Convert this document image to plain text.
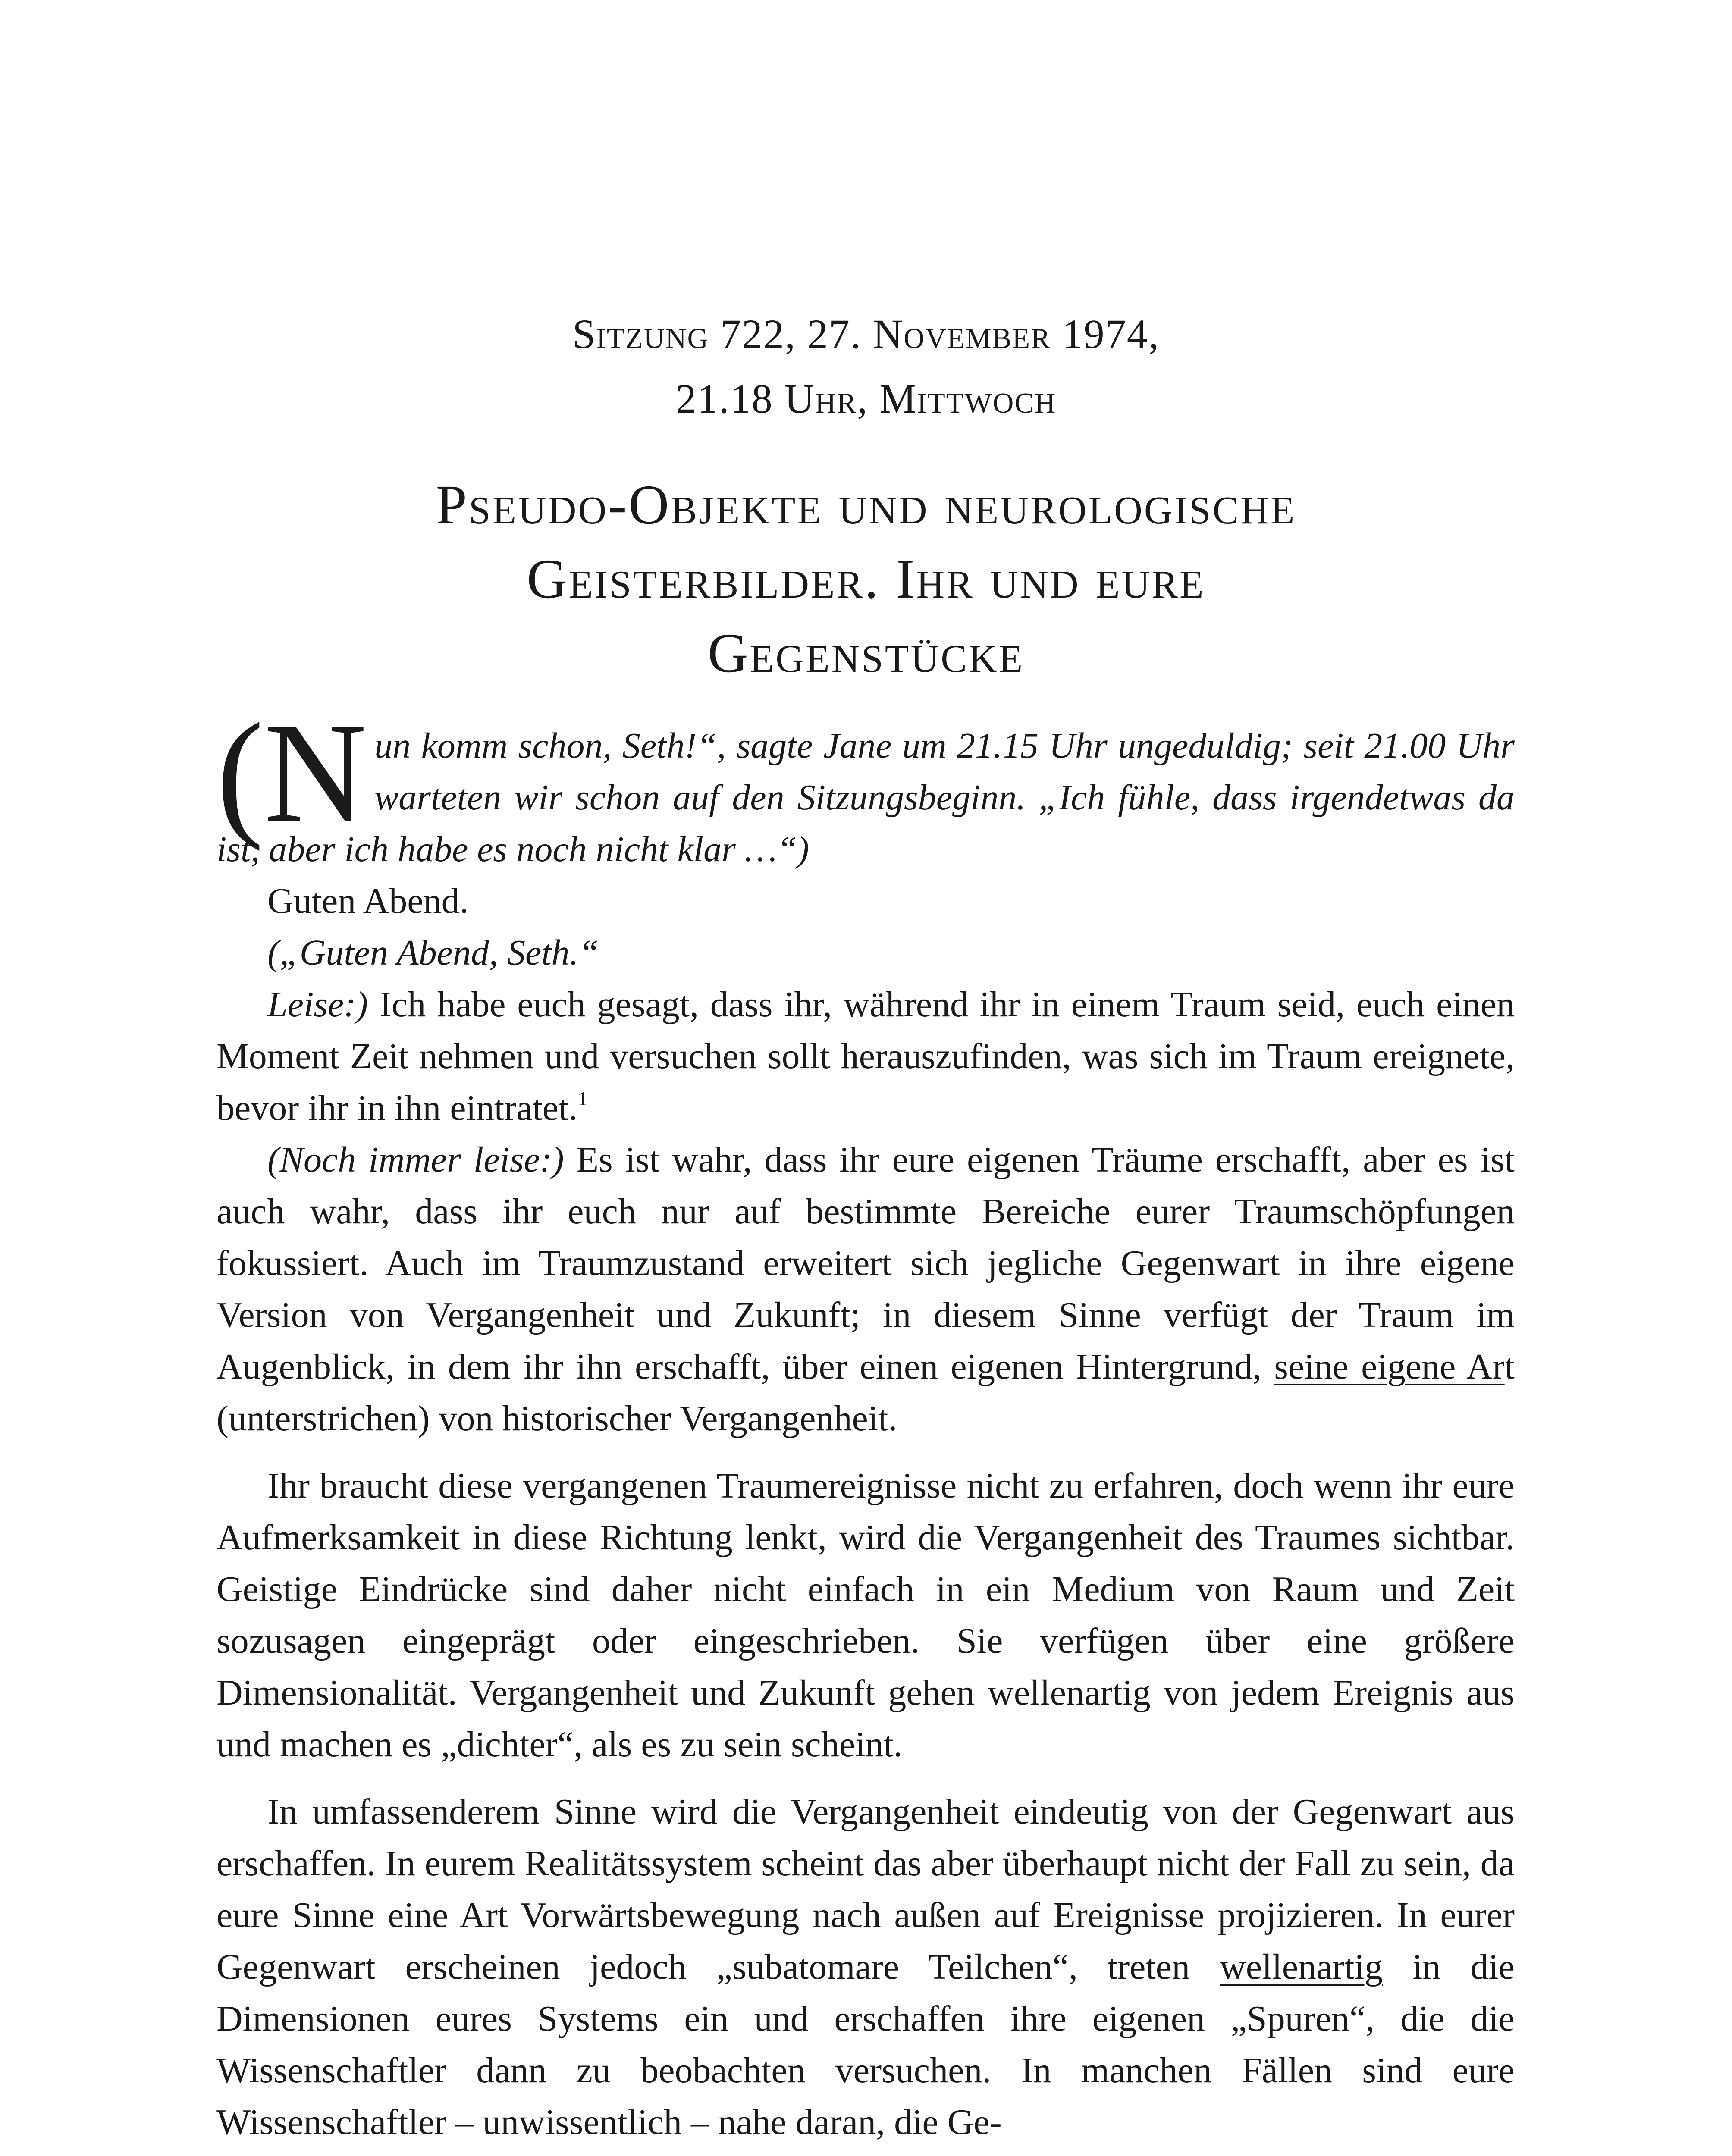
Sitzung 722, 27. November 1974,
21.18 Uhr, Mittwoch
Pseudo-Objekte und neurologische
Geisterbilder. Ihr und eure
Gegenstücke
(N un komm schon, Seth!“, sagte Jane um 21.15 Uhr ungeduldig; seit 21.00 Uhr warteten wir schon auf den Sitzungsbeginn. „Ich fühle, dass irgendetwas da ist, aber ich habe es noch nicht klar …“)

Guten Abend.

(„Guten Abend, Seth.“

Leise:) Ich habe euch gesagt, dass ihr, während ihr in einem Traum seid, euch einen Moment Zeit nehmen und versuchen sollt herauszufinden, was sich im Traum ereignete, bevor ihr in ihn eintratet.$^1$

(Noch immer leise:) Es ist wahr, dass ihr eure eigenen Träume erschafft, aber es ist auch wahr, dass ihr euch nur auf bestimmte Bereiche eurer Traumschöpfungen fokussiert. Auch im Traumzustand erweitert sich jegliche Gegenwart in ihre eigene Version von Vergangenheit und Zukunft; in diesem Sinne verfügt der Traum im Augenblick, in dem ihr ihn erschafft, über einen eigenen Hintergrund, seine eigene Art (unterstrichen) von historischer Vergangenheit.

Ihr braucht diese vergangenen Traumereignisse nicht zu erfahren, doch wenn ihr eure Aufmerksamkeit in diese Richtung lenkt, wird die Vergangenheit des Traumes sichtbar. Geistige Eindrücke sind daher nicht einfach in ein Medium von Raum und Zeit sozusagen eingeprägt oder eingeschrieben. Sie verfügen über eine größere Dimensionalität. Vergangenheit und Zukunft gehen wellenartig von jedem Ereignis aus und machen es „dichter“, als es zu sein scheint.

In umfassenderem Sinne wird die Vergangenheit eindeutig von der Gegenwart aus erschaffen. In eurem Realitätssystem scheint das aber überhaupt nicht der Fall zu sein, da eure Sinne eine Art Vorwärtsbewegung nach außen auf Ereignisse projizieren. In eurer Gegenwart erscheinen jedoch „subatomare Teilchen“, treten wellenartig in die Dimensionen eures Systems ein und erschaffen ihre eigenen „Spuren“, die die Wissenschaftler dann zu beobachten versuchen. In manchen Fällen sind eure Wissenschaftler – unwissentlich – nahe daran, die Ge-
